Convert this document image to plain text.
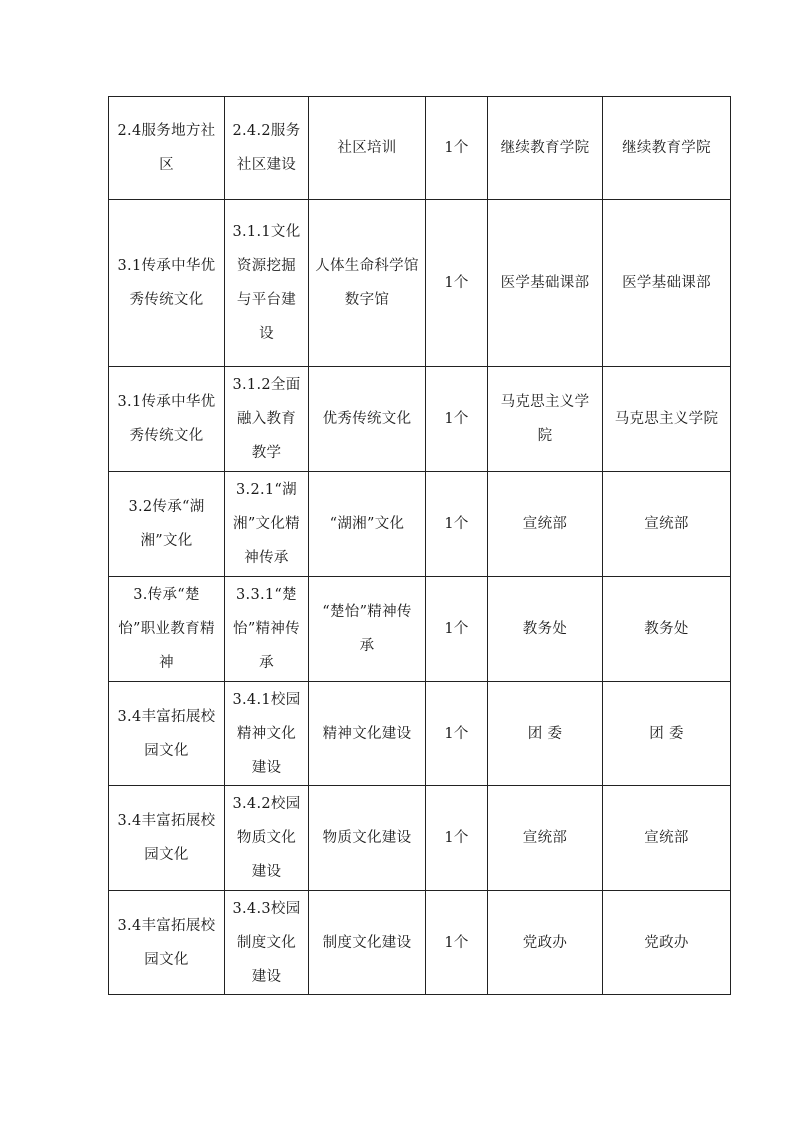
2.4服务地方社区	2.4.2服务社区建设	社区培训	1个	继续教育学院	继续教育学院

3.1传承中华优秀传统文化	3.1.1文化资源挖掘与平台建设	人体生命科学馆数字馆	1个	医学基础课部	医学基础课部

3.1传承中华优秀传统文化	3.1.2全面融入教育教学	优秀传统文化	1个	马克思主义学院	马克思主义学院

3.2传承“湖湘”文化	3.2.1“湖湘”文化精神传承	“湖湘”文化	1个	宣统部	宣统部

3.传承“楚怡”职业教育精神	3.3.1“楚怡”精神传承	“楚怡”精神传承	1个	教务处	教务处

3.4丰富拓展校园文化	3.4.1校园精神文化建设	精神文化建设	1个	团 委	团 委

3.4丰富拓展校园文化	3.4.2校园物质文化建设	物质文化建设	1个	宣统部	宣统部

3.4丰富拓展校园文化	3.4.3校园制度文化建设	制度文化建设	1个	党政办	党政办
